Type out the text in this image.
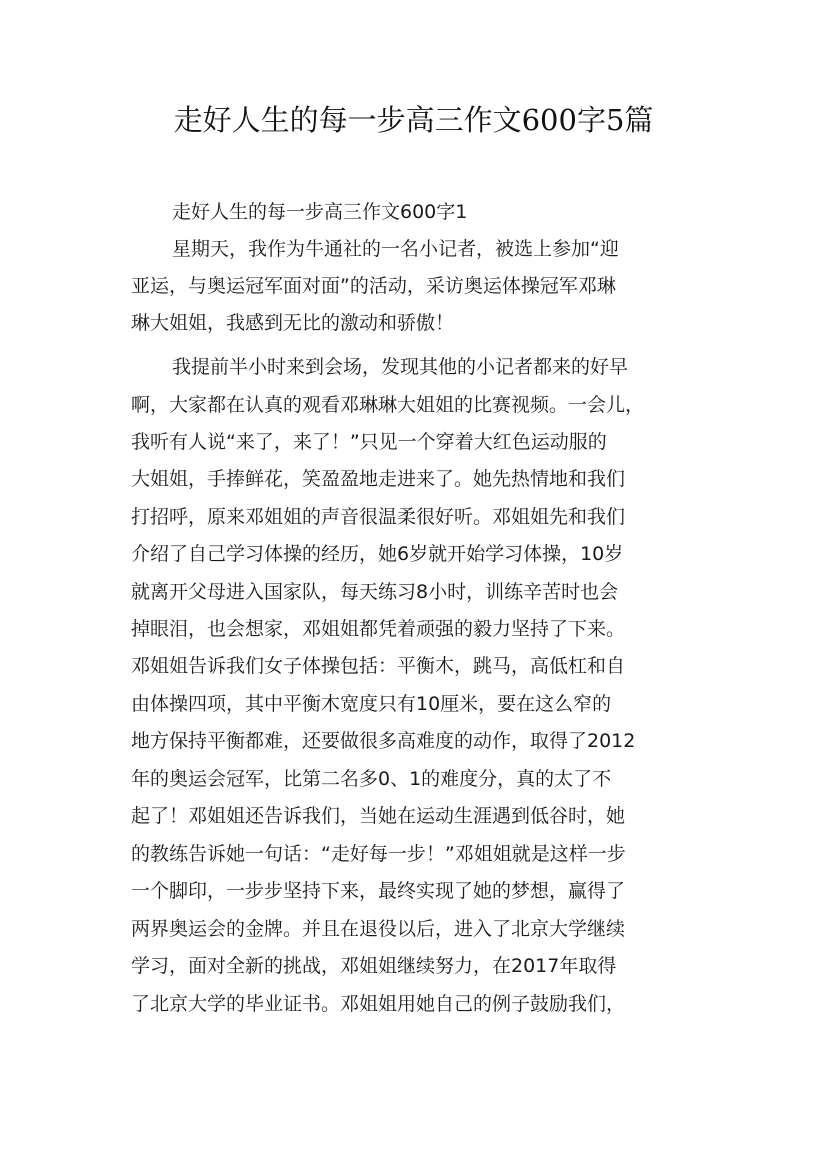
走好人生的每一步高三作文600字5篇
走好人生的每一步高三作文600字1
星期天，我作为牛通社的一名小记者，被选上参加“迎
亚运，与奥运冠军面对面”的活动，采访奥运体操冠军邓琳
琳大姐姐，我感到无比的激动和骄傲！
我提前半小时来到会场，发现其他的小记者都来的好早
啊，大家都在认真的观看邓琳琳大姐姐的比赛视频。一会儿，
我听有人说“来了，来了！”只见一个穿着大红色运动服的
大姐姐，手捧鲜花，笑盈盈地走进来了。她先热情地和我们
打招呼，原来邓姐姐的声音很温柔很好听。邓姐姐先和我们
介绍了自己学习体操的经历，她6岁就开始学习体操，10岁
就离开父母进入国家队，每天练习8小时，训练辛苦时也会
掉眼泪，也会想家，邓姐姐都凭着顽强的毅力坚持了下来。
邓姐姐告诉我们女子体操包括：平衡木，跳马，高低杠和自
由体操四项，其中平衡木宽度只有10厘米，要在这么窄的
地方保持平衡都难，还要做很多高难度的动作，取得了2012
年的奥运会冠军，比第二名多0、1的难度分，真的太了不
起了！邓姐姐还告诉我们，当她在运动生涯遇到低谷时，她
的教练告诉她一句话：“走好每一步！”邓姐姐就是这样一步
一个脚印，一步步坚持下来，最终实现了她的梦想，赢得了
两界奥运会的金牌。并且在退役以后，进入了北京大学继续
学习，面对全新的挑战，邓姐姐继续努力，在2017年取得
了北京大学的毕业证书。邓姐姐用她自己的例子鼓励我们，
